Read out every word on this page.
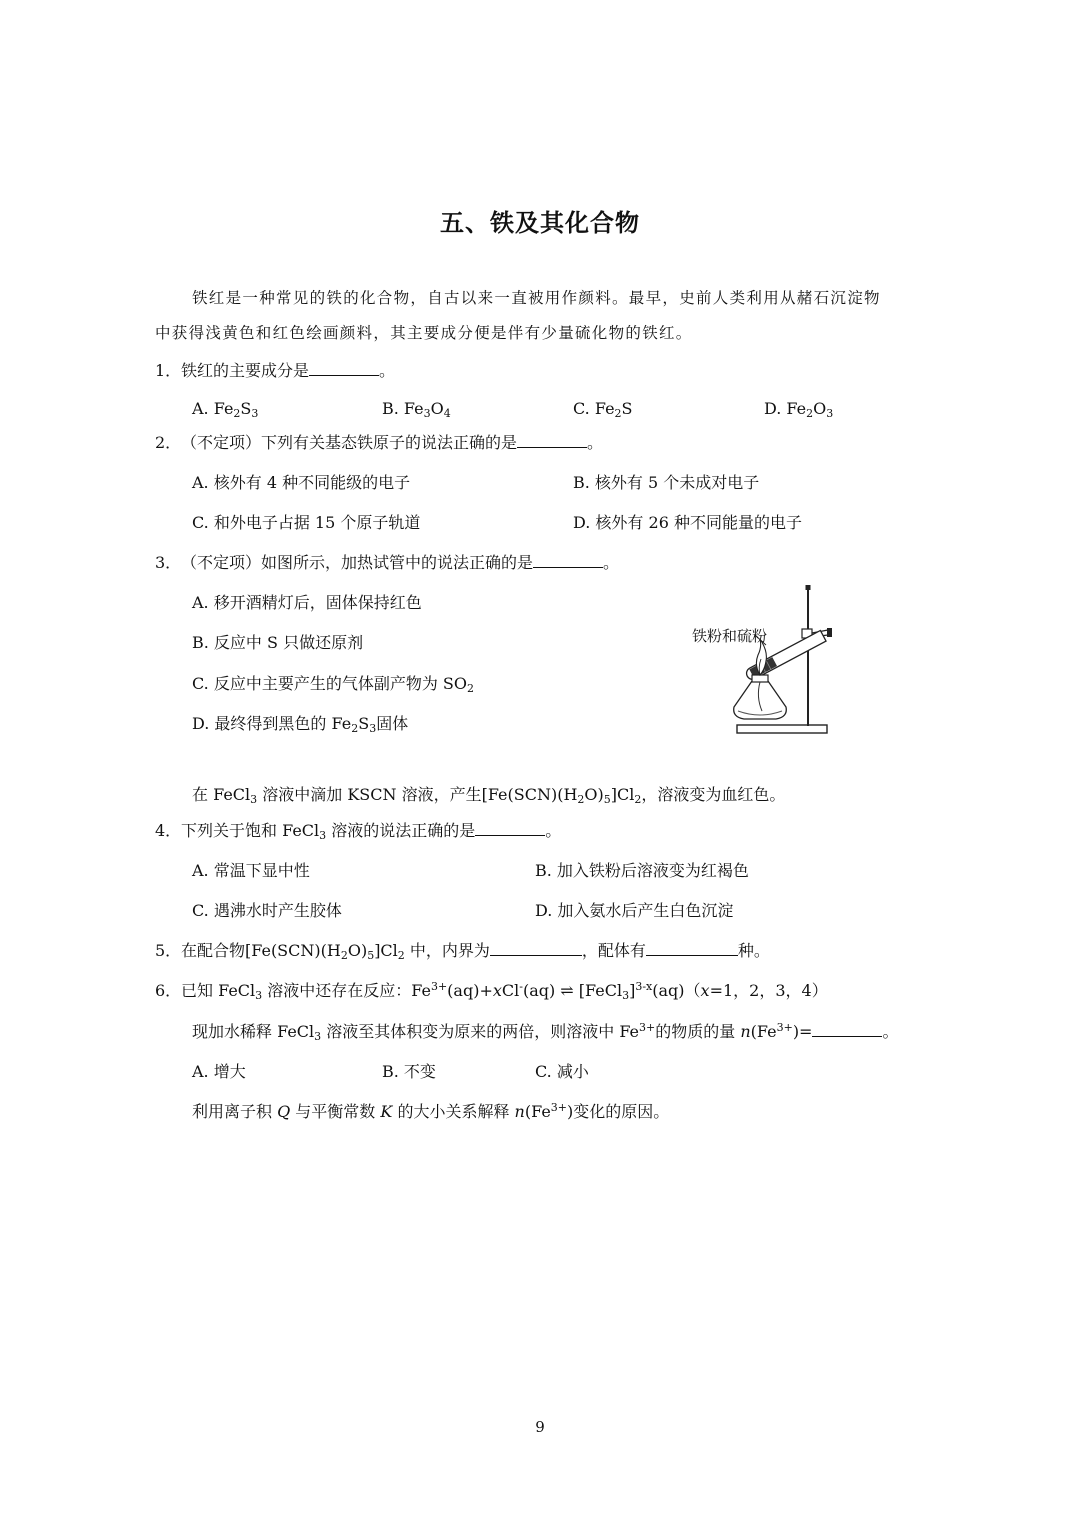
五、铁及其化合物
铁红是一种常见的铁的化合物，自古以来一直被用作颜料。最早，史前人类利用从赭石沉淀物
中获得浅黄色和红色绘画颜料，其主要成分便是伴有少量硫化物的铁红。
1．铁红的主要成分是	。
A. $Fe_2S_3$	B. $Fe_3O_4$	C. $Fe_2S$	D. $Fe_2O_3$
2．（不定项）下列有关基态铁原子的说法正确的是	。
A. 核外有 4 种不同能级的电子	B. 核外有 5 个未成对电子
C. 和外电子占据 15 个原子轨道	D. 核外有 26 种不同能量的电子
3．（不定项）如图所示，加热试管中的说法正确的是	。
A. 移开酒精灯后，固体保持红色
B. 反应中 S 只做还原剂
C. 反应中主要产生的气体副产物为 $SO_2$
D. 最终得到黑色的 $Fe_2S_3$固体
铁粉和硫粉
在 FeCl$_3$ 溶液中滴加 KSCN 溶液，产生$[Fe(SCN)(H_2O)_5]Cl_2$，溶液变为血红色。
4．下列关于饱和 FeCl$_3$ 溶液的说法正确的是	。
A. 常温下显中性	B. 加入铁粉后溶液变为红褐色
C. 遇沸水时产生胶体	D. 加入氨水后产生白色沉淀
5．在配合物$[Fe(SCN)(H_2O)_5]Cl_2$ 中，内界为	，配体有	种。
6．已知 FeCl$_3$ 溶液中还存在反应：$Fe^{3+}(aq)+xCl^-(aq)$ ⇌ [FeCl$_3$]$^{3-x}$(aq)（x=1，2，3，4）
现加水稀释 FeCl$_3$ 溶液至其体积变为原来的两倍，则溶液中 $Fe^{3+}$的物质的量 $n(Fe^{3+})=$	。
A. 增大	B. 不变	C. 减小
利用离子积 Q 与平衡常数 K 的大小关系解释 $n(Fe^{3+})$变化的原因。
9
